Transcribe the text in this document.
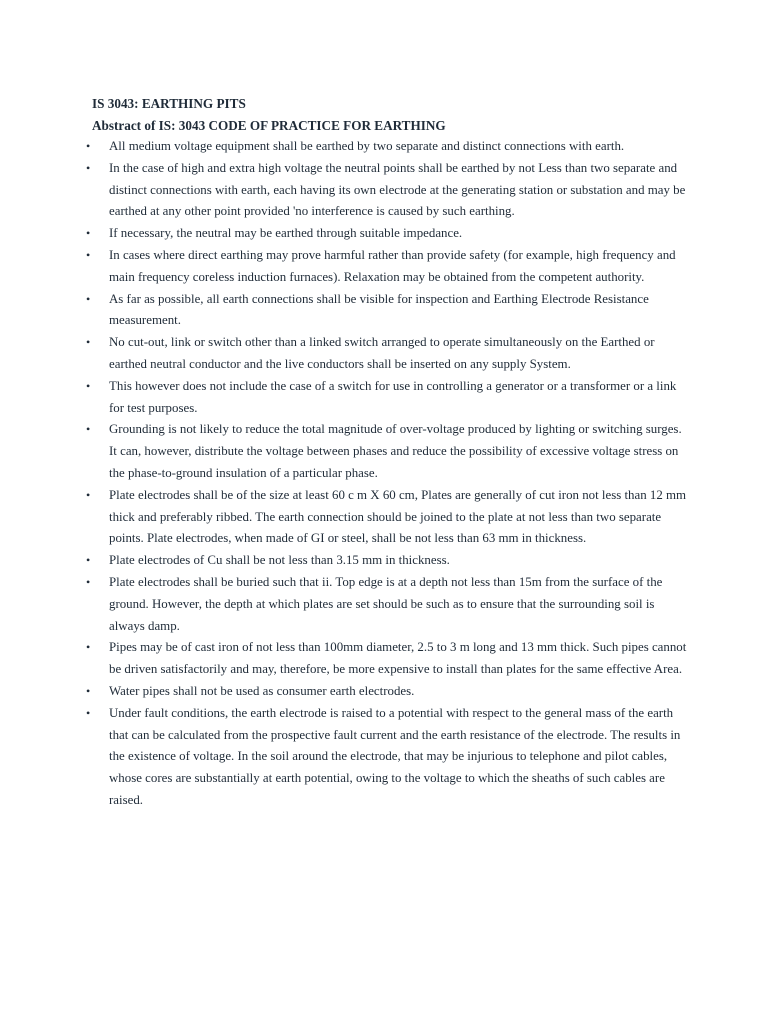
IS 3043: EARTHING PITS
Abstract of IS: 3043 CODE OF PRACTICE FOR EARTHING
• All medium voltage equipment shall be earthed by two separate and distinct connections with earth.
• In the case of high and extra high voltage the neutral points shall be earthed by not Less than two separate and distinct connections with earth, each having its own electrode at the generating station or substation and may be earthed at any other point provided 'no interference is caused by such earthing.
• If necessary, the neutral may be earthed through suitable impedance.
• In cases where direct earthing may prove harmful rather than provide safety (for example, high frequency and main frequency coreless induction furnaces). Relaxation may be obtained from the competent authority.
• As far as possible, all earth connections shall be visible for inspection and Earthing Electrode Resistance measurement.
• No cut-out, link or switch other than a linked switch arranged to operate simultaneously on the Earthed or earthed neutral conductor and the live conductors shall be inserted on any supply System.
• This however does not include the case of a switch for use in controlling a generator or a transformer or a link for test purposes.
• Grounding is not likely to reduce the total magnitude of over-voltage produced by lighting or switching surges. It can, however, distribute the voltage between phases and reduce the possibility of excessive voltage stress on the phase-to-ground insulation of a particular phase.
• Plate electrodes shall be of the size at least 60 c m X 60 cm, Plates are generally of cut iron not less than 12 mm thick and preferably ribbed. The earth connection should be joined to the plate at not less than two separate points. Plate electrodes, when made of GI or steel, shall be not less than 63 mm in thickness.
• Plate electrodes of Cu shall be not less than 3.15 mm in thickness.
• Plate electrodes shall be buried such that ii. Top edge is at a depth not less than 15m from the surface of the ground. However, the depth at which plates are set should be such as to ensure that the surrounding soil is always damp.
• Pipes may be of cast iron of not less than 100mm diameter, 2.5 to 3 m long and 13 mm thick. Such pipes cannot be driven satisfactorily and may, therefore, be more expensive to install than plates for the same effective Area.
• Water pipes shall not be used as consumer earth electrodes.
• Under fault conditions, the earth electrode is raised to a potential with respect to the general mass of the earth that can be calculated from the prospective fault current and the earth resistance of the electrode. The results in the existence of voltage. In the soil around the electrode, that may be injurious to telephone and pilot cables, whose cores are substantially at earth potential, owing to the voltage to which the sheaths of such cables are raised.
